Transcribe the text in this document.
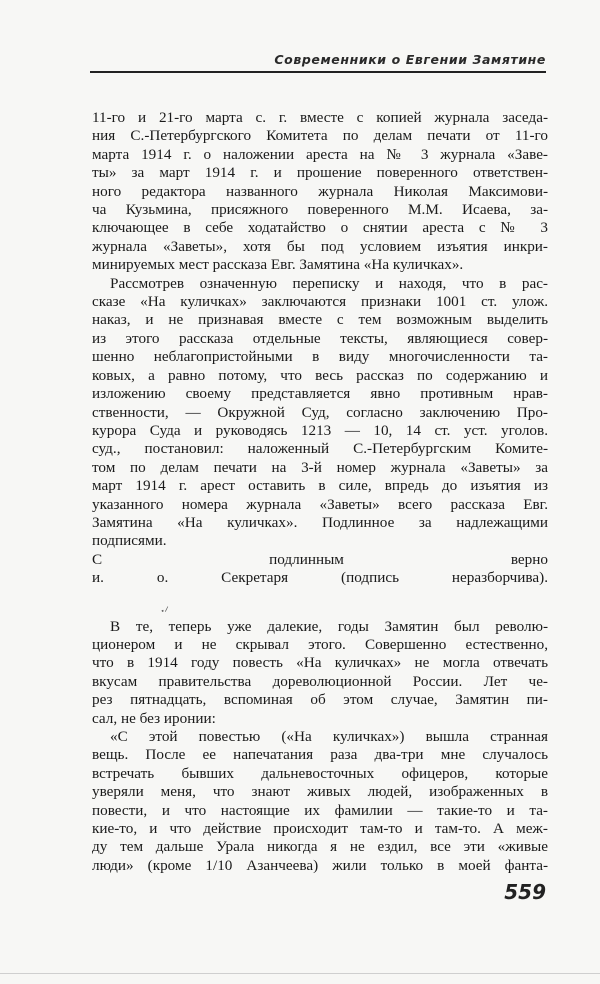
Современники о Евгении Замятине

11-го и 21-го марта с. г. вместе с копией журнала заседа-

ния С.-Петербургского Комитета по делам печати от 11-го

марта 1914 г. о наложении ареста на № 3 журнала «Заве-

ты» за март 1914 г. и прошение поверенного ответствен-

ного редактора названного журнала Николая Максимови-

ча Кузьмина, присяжного поверенного М.М. Исаева, за-

ключающее в себе ходатайство о снятии ареста с № 3

журнала «Заветы», хотя бы под условием изъятия инкри-

минируемых мест рассказа Евг. Замятина «На куличках».

Рассмотрев означенную переписку и находя, что в рас-

сказе «На куличках» заключаются признаки 1001 ст. улож.

наказ, и не признавая вместе с тем возможным выделить

из этого рассказа отдельные тексты, являющиеся совер-

шенно неблагопристойными в виду многочисленности та-

ковых, а равно потому, что весь рассказ по содержанию и

изложению своему представляется явно противным нрав-

ственности, — Окружной Суд, согласно заключению Про-

курора Суда и руководясь 1213 — 10, 14 ст. уст. уголов.

суд., постановил: наложенный С.-Петербургским Комите-

том по делам печати на 3-й номер журнала «Заветы» за

март 1914 г. арест оставить в силе, впредь до изъятия из

указанного номера журнала «Заветы» всего рассказа Евг.

Замятина «На куличках». Подлинное за надлежащими

подписями.

С подлинным верно

и. о. Секретаря (подпись неразборчива).

В те, теперь уже далекие, годы Замятин был револю-

ционером и не скрывал этого. Совершенно естественно,

что в 1914 году повесть «На куличках» не могла отвечать

вкусам правительства дореволюционной России. Лет че-

рез пятнадцать, вспоминая об этом случае, Замятин пи-

сал, не без иронии:

«С этой повестью («На куличках») вышла странная

вещь. После ее напечатания раза два-три мне случалось

встречать бывших дальневосточных офицеров, которые

уверяли меня, что знают живых людей, изображенных в

повести, и что настоящие их фамилии — такие-то и та-

кие-то, и что действие происходит там-то и там-то. А меж-

ду тем дальше Урала никогда я не ездил, все эти «живые

люди» (кроме 1/10 Азанчеева) жили только в моей фанта-

᎐⸝
559
